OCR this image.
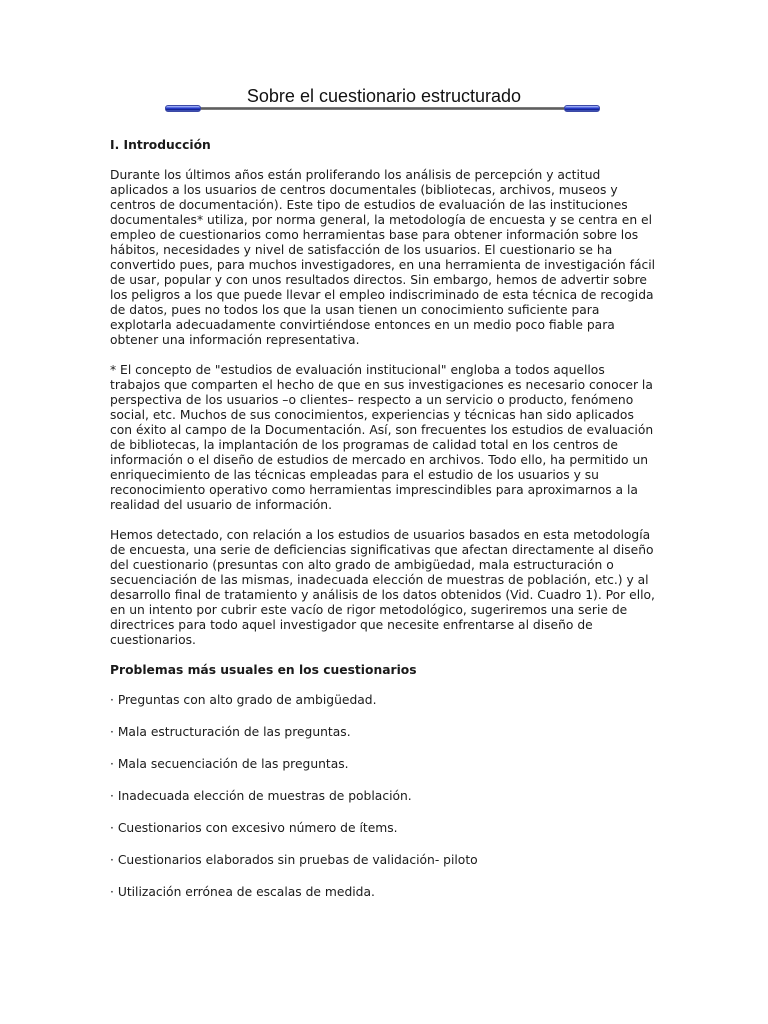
Sobre el cuestionario estructurado
I. Introducción

Durante los últimos años están proliferando los análisis de percepción y actitud aplicados a los usuarios de centros documentales (bibliotecas, archivos, museos y centros de documentación). Este tipo de estudios de evaluación de las instituciones documentales* utiliza, por norma general, la metodología de encuesta y se centra en el empleo de cuestionarios como herramientas base para obtener información sobre los hábitos, necesidades y nivel de satisfacción de los usuarios. El cuestionario se ha convertido pues, para muchos investigadores, en una herramienta de investigación fácil de usar, popular y con unos resultados directos. Sin embargo, hemos de advertir sobre los peligros a los que puede llevar el empleo indiscriminado de esta técnica de recogida de datos, pues no todos los que la usan tienen un conocimiento suficiente para explotarla adecuadamente convirtiéndose entonces en un medio poco fiable para obtener una información representativa.

* El concepto de "estudios de evaluación institucional" engloba a todos aquellos trabajos que comparten el hecho de que en sus investigaciones es necesario conocer la perspectiva de los usuarios –o clientes– respecto a un servicio o producto, fenómeno social, etc. Muchos de sus conocimientos, experiencias y técnicas han sido aplicados con éxito al campo de la Documentación. Así, son frecuentes los estudios de evaluación de bibliotecas, la implantación de los programas de calidad total en los centros de información o el diseño de estudios de mercado en archivos. Todo ello, ha permitido un enriquecimiento de las técnicas empleadas para el estudio de los usuarios y su reconocimiento operativo como herramientas imprescindibles para aproximarnos a la realidad del usuario de información.

Hemos detectado, con relación a los estudios de usuarios basados en esta metodología de encuesta, una serie de deficiencias significativas que afectan directamente al diseño del cuestionario (presuntas con alto grado de ambigüedad, mala estructuración o secuenciación de las mismas, inadecuada elección de muestras de población, etc.) y al desarrollo final de tratamiento y análisis de los datos obtenidos (Vid. Cuadro 1). Por ello, en un intento por cubrir este vacío de rigor metodológico, sugeriremos una serie de directrices para todo aquel investigador que necesite enfrentarse al diseño de cuestionarios.

Problemas más usuales en los cuestionarios

· Preguntas con alto grado de ambigüedad.

· Mala estructuración de las preguntas.

· Mala secuenciación de las preguntas.

· Inadecuada elección de muestras de población.

· Cuestionarios con excesivo número de ítems.

· Cuestionarios elaborados sin pruebas de validación- piloto

· Utilización errónea de escalas de medida.
